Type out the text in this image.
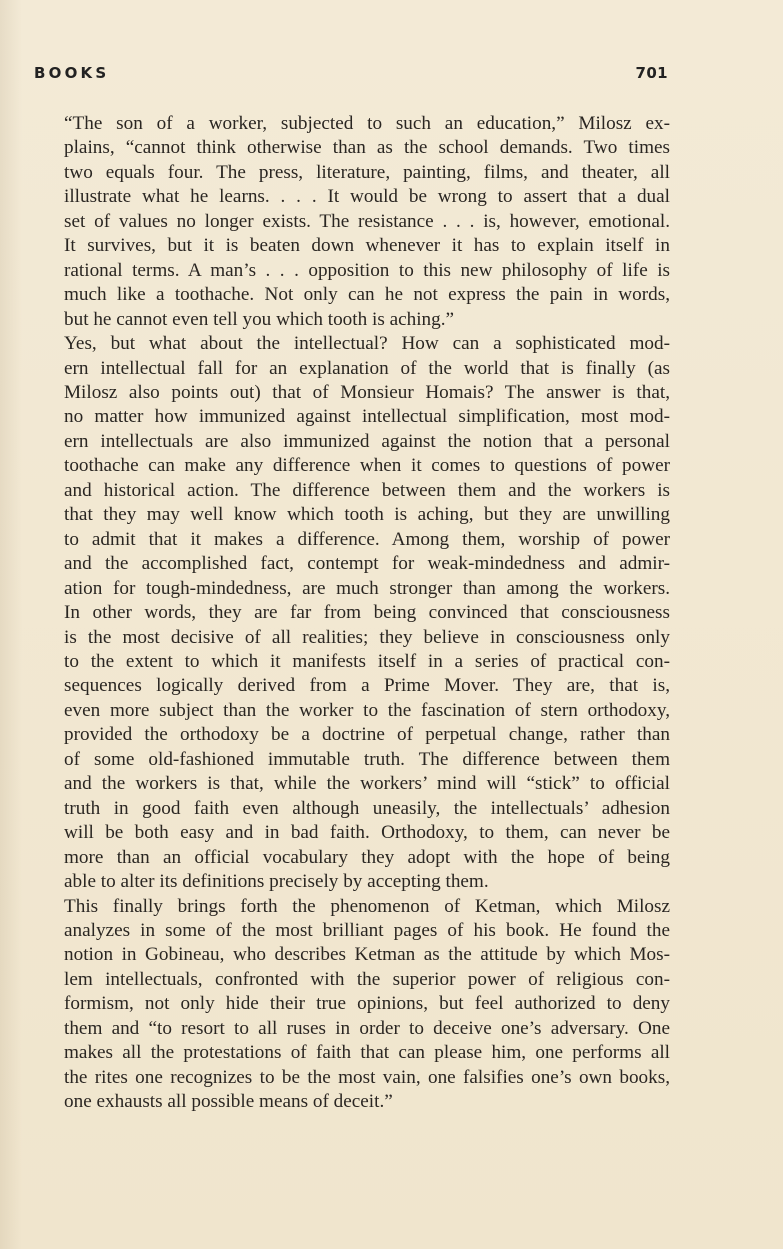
BOOKS	701
“The son of a worker, subjected to such an education,” Milosz ex-
plains, “cannot think otherwise than as the school demands. Two times
two equals four. The press, literature, painting, films, and theater, all
illustrate what he learns. . . . It would be wrong to assert that a dual
set of values no longer exists. The resistance . . . is, however, emotional.
It survives, but it is beaten down whenever it has to explain itself in
rational terms. A man’s . . . opposition to this new philosophy of life is
much like a toothache. Not only can he not express the pain in words,
but he cannot even tell you which tooth is aching.”
Yes, but what about the intellectual? How can a sophisticated mod-
ern intellectual fall for an explanation of the world that is finally (as
Milosz also points out) that of Monsieur Homais? The answer is that,
no matter how immunized against intellectual simplification, most mod-
ern intellectuals are also immunized against the notion that a personal
toothache can make any difference when it comes to questions of power
and historical action. The difference between them and the workers is
that they may well know which tooth is aching, but they are unwilling
to admit that it makes a difference. Among them, worship of power
and the accomplished fact, contempt for weak-mindedness and admir-
ation for tough-mindedness, are much stronger than among the workers.
In other words, they are far from being convinced that consciousness
is the most decisive of all realities; they believe in consciousness only
to the extent to which it manifests itself in a series of practical con-
sequences logically derived from a Prime Mover. They are, that is,
even more subject than the worker to the fascination of stern orthodoxy,
provided the orthodoxy be a doctrine of perpetual change, rather than
of some old-fashioned immutable truth. The difference between them
and the workers is that, while the workers’ mind will “stick” to official
truth in good faith even although uneasily, the intellectuals’ adhesion
will be both easy and in bad faith. Orthodoxy, to them, can never be
more than an official vocabulary they adopt with the hope of being
able to alter its definitions precisely by accepting them.
This finally brings forth the phenomenon of Ketman, which Milosz
analyzes in some of the most brilliant pages of his book. He found the
notion in Gobineau, who describes Ketman as the attitude by which Mos-
lem intellectuals, confronted with the superior power of religious con-
formism, not only hide their true opinions, but feel authorized to deny
them and “to resort to all ruses in order to deceive one’s adversary. One
makes all the protestations of faith that can please him, one performs all
the rites one recognizes to be the most vain, one falsifies one’s own books,
one exhausts all possible means of deceit.”
